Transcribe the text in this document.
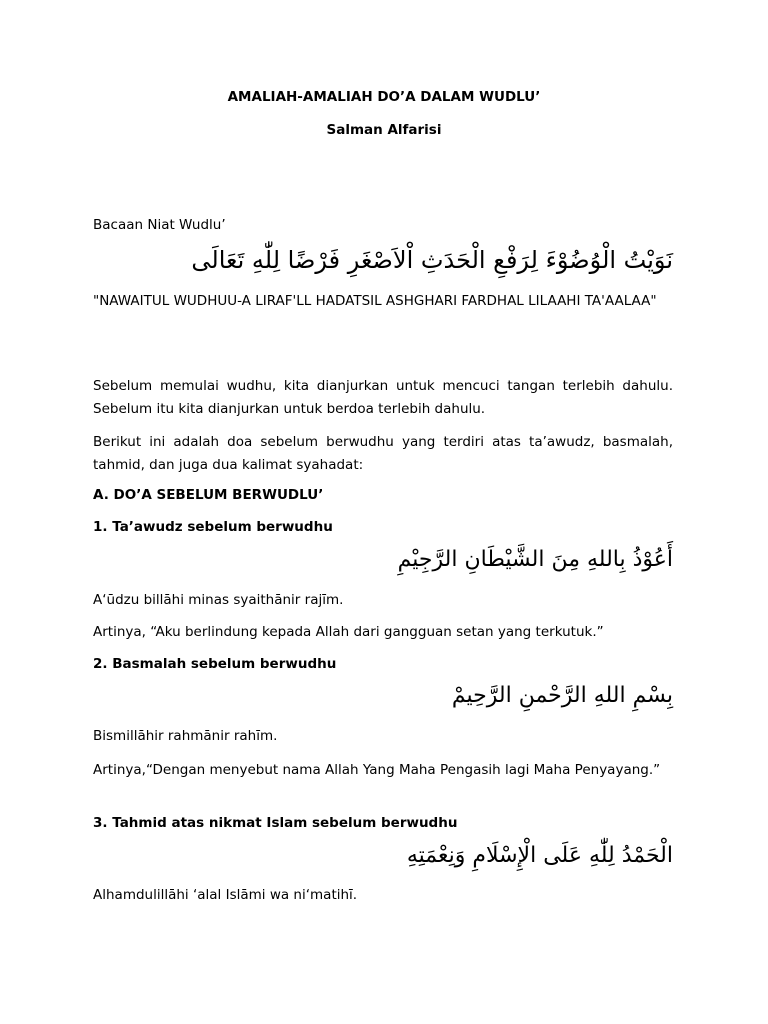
AMALIAH-AMALIAH DO’A DALAM WUDLU’

Salman Alfarisi

Bacaan Niat Wudlu’

نَوَيْتُ الْوُضُوْءَ لِرَفْعِ الْحَدَثِ اْلاَصْغَرِ فَرْضًا لِلّٰهِ تَعَالَى

"NAWAITUL WUDHUU-A LIRAF'LL HADATSIL ASHGHARI FARDHAL LILAAHI TA'AALAA"

Sebelum memulai wudhu, kita dianjurkan untuk mencuci tangan terlebih dahulu. Sebelum itu kita dianjurkan untuk berdoa terlebih dahulu.

Berikut ini adalah doa sebelum berwudhu yang terdiri atas ta’awudz, basmalah, tahmid, dan juga dua kalimat syahadat:

A. DO’A SEBELUM BERWUDLU’

1. Ta’awudz sebelum berwudhu

أَعُوْذُ بِاللهِ مِنَ الشَّيْطَانِ الرَّجِيْمِ

A‘ūdzu billāhi minas syaithānir rajīm.

Artinya, “Aku berlindung kepada Allah dari gangguan setan yang terkutuk.”

2. Basmalah sebelum berwudhu

بِسْمِ اللهِ الرَّحْمنِ الرَّحِيمْ

Bismillāhir rahmānir rahīm.

Artinya,“Dengan menyebut nama Allah Yang Maha Pengasih lagi Maha Penyayang.”

3. Tahmid atas nikmat Islam sebelum berwudhu

الْحَمْدُ لِلّٰهِ عَلَى الْإِسْلَامِ وَنِعْمَتِهِ

Alhamdulillāhi ‘alal Islāmi wa ni‘matihī.
